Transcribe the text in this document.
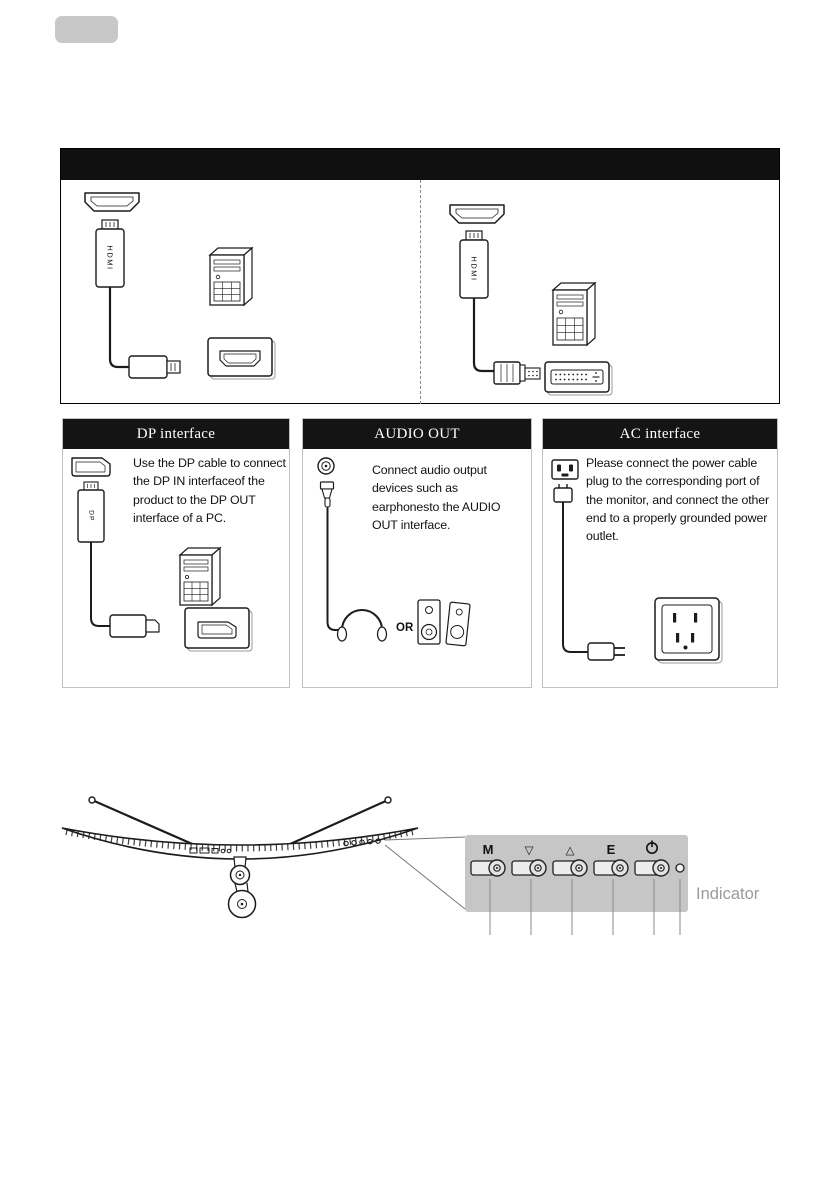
HDMI	HDMI
DP interface
DP
Use the DP cable to connect the DP IN interfaceof the product to the DP OUT interface of a PC.
AUDIO OUT
Connect audio output devices such as earphonesto the AUDIO OUT interface.
OR
AC interface
Please connect the power cable plug to the corresponding port of the monitor, and connect the other end to a properly grounded power outlet.
M	▽	△ E
Indicator
